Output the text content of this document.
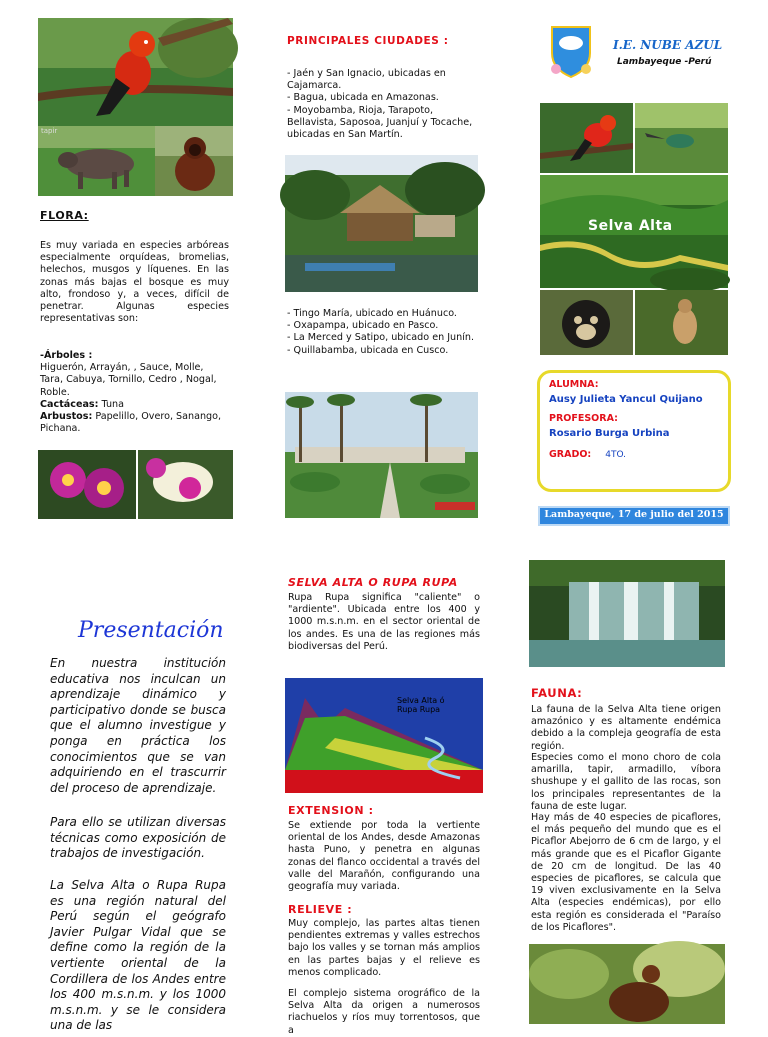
tapir
FLORA:
Es muy variada en especies arbóreas especialmente orquídeas, bromelias, helechos, musgos y líquenes. En las zonas más bajas el bosque es muy alto, frondoso y, a veces, difícil de penetrar. Algunas especies representativas son:
-Árboles :
Higuerón, Arrayán, , Sauce, Molle, Tara, Cabuya, Tornillo, Cedro , Nogal, Roble.
Cactáceas: Tuna
Arbustos: Papelillo, Overo, Sanango, Pichana.
Presentación
En nuestra institución educativa nos inculcan un aprendizaje dinámico y participativo donde se busca que el alumno investigue y ponga en práctica los conocimientos que se van adquiriendo en el trascurrir del proceso de aprendizaje.
Para ello se utilizan diversas técnicas como exposición de trabajos de investigación.
La Selva Alta o Rupa Rupa es una región natural del Perú según el geógrafo Javier Pulgar Vidal que se define como la región de la vertiente oriental de la Cordillera de los Andes entre los 400 m.s.n.m. y los 1000 m.s.n.m. y se le considera una de las
PRINCIPALES CIUDADES :
- Jaén y San Ignacio, ubicadas en Cajamarca.
- Bagua, ubicada en Amazonas.
- Moyobamba, Rioja, Tarapoto, Bellavista, Saposoa, Juanjuí y Tocache, ubicadas en San Martín.
- Tingo María, ubicado en Huánuco.
- Oxapampa, ubicado en Pasco.
- La Merced y Satipo, ubicado en Junín.
- Quillabamba, ubicada en Cusco.
SELVA ALTA O RUPA RUPA
Rupa Rupa significa "caliente" o "ardiente". Ubicada entre los 400 y 1000 m.s.n.m. en el sector oriental de los andes. Es una de las regiones más biodiversas del Perú.
Selva Alta ó Rupa Rupa
EXTENSION :
Se extiende por toda la vertiente oriental de los Andes, desde Amazonas hasta Puno, y penetra en algunas zonas del flanco occidental a través del valle del Marañón, configurando una geografía muy variada.
RELIEVE :
Muy complejo, las partes altas tienen pendientes extremas y valles estrechos bajo los valles y se tornan más amplios en las partes bajas y el relieve es menos complicado.
El complejo sistema orográfico de la Selva Alta da origen a numerosos riachuelos y ríos muy torrentosos, que a
I.E. NUBE AZUL
Lambayeque -Perú
Selva Alta
ALUMNA:
Ausy Julieta Yancul Quijano
PROFESORA:
Rosario Burga Urbina
GRADO: 4TO.
Lambayeque, 17 de julio del 2015
FAUNA:
La fauna de la Selva Alta tiene origen amazónico y es altamente endémica debido a la compleja geografía de esta región.
Especies como el mono choro de cola amarilla, tapir, armadillo, víbora shushupe y el gallito de las rocas, son los principales representantes de la fauna de este lugar.
Hay más de 40 especies de picaflores, el más pequeño del mundo que es el Picaflor Abejorro de 6 cm de largo, y el más grande que es el Picaflor Gigante de 20 cm de longitud. De las 40 especies de picaflores, se calcula que 19 viven exclusivamente en la Selva Alta (especies endémicas), por ello esta región es considerada el "Paraíso de los Picaflores".
